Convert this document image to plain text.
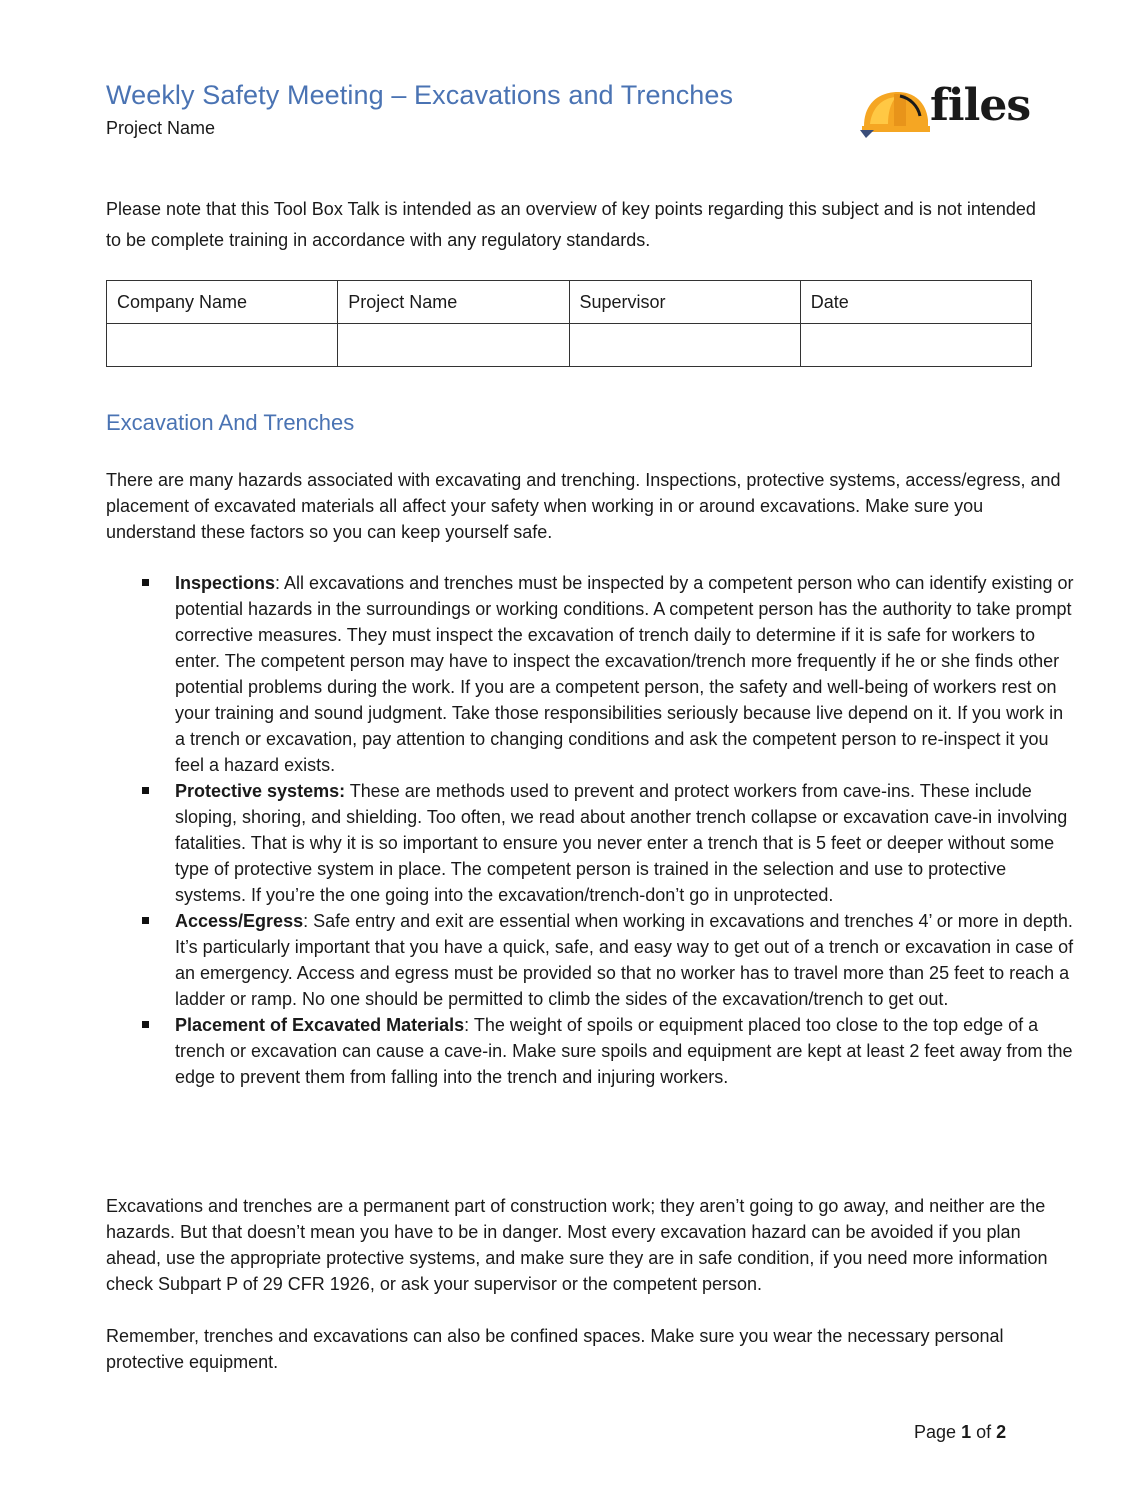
Weekly Safety Meeting – Excavations and Trenches
Project Name	files
Please note that this Tool Box Talk is intended as an overview of key points regarding this subject and is not intended to be complete training in accordance with any regulatory standards.
Company Name	Project Name	Supervisor	Date

Excavation And Trenches

There are many hazards associated with excavating and trenching. Inspections, protective systems, access/egress, and placement of excavated materials all affect your safety when working in or around excavations. Make sure you understand these factors so you can keep yourself safe.

Inspections: All excavations and trenches must be inspected by a competent person who can identify existing or potential hazards in the surroundings or working conditions. A competent person has the authority to take prompt corrective measures. They must inspect the excavation of trench daily to determine if it is safe for workers to enter. The competent person may have to inspect the excavation/trench more frequently if he or she finds other potential problems during the work. If you are a competent person, the safety and well-being of workers rest on your training and sound judgment. Take those responsibilities seriously because live depend on it. If you work in a trench or excavation, pay attention to changing conditions and ask the competent person to re-inspect it you feel a hazard exists.
Protective systems: These are methods used to prevent and protect workers from cave-ins. These include sloping, shoring, and shielding. Too often, we read about another trench collapse or excavation cave-in involving fatalities. That is why it is so important to ensure you never enter a trench that is 5 feet or deeper without some type of protective system in place. The competent person is trained in the selection and use to protective systems. If you’re the one going into the excavation/trench-don’t go in unprotected.
Access/Egress: Safe entry and exit are essential when working in excavations and trenches 4’ or more in depth. It’s particularly important that you have a quick, safe, and easy way to get out of a trench or excavation in case of an emergency. Access and egress must be provided so that no worker has to travel more than 25 feet to reach a ladder or ramp. No one should be permitted to climb the sides of the excavation/trench to get out.
Placement of Excavated Materials: The weight of spoils or equipment placed too close to the top edge of a trench or excavation can cause a cave-in. Make sure spoils and equipment are kept at least 2 feet away from the edge to prevent them from falling into the trench and injuring workers.

Excavations and trenches are a permanent part of construction work; they aren’t going to go away, and neither are the hazards. But that doesn’t mean you have to be in danger. Most every excavation hazard can be avoided if you plan ahead, use the appropriate protective systems, and make sure they are in safe condition, if you need more information check Subpart P of 29 CFR 1926, or ask your supervisor or the competent person.

Remember, trenches and excavations can also be confined spaces. Make sure you wear the necessary personal protective equipment.

Page 1 of 2
